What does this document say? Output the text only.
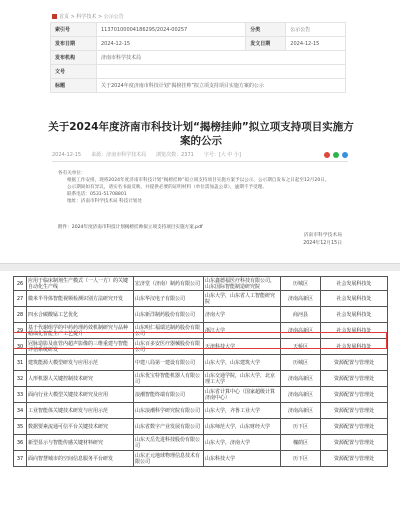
首页 > 科学技术 > 公示公告
索引号	11370100004186295/2024-00257	分类	公示公告
发布日期	2024-12-15	发文日期	2024-12-15
发布机构	济南市科学技术局		
文号			
标题	关于2024年度济南市科技计划“揭榜挂帅”拟立项支持项目实施方案的公示		
关于2024年度济南市科技计划“揭榜挂帅”拟立项支持项目实施方案的公示
2024-12-15 来源：济南市科学技术局 浏览次数：2371 字号：[大 中 小]

各有关单位：

根据工作安排，现将2024年度济南市科技计划“揭榜挂帅”拟立项支持项目实施方案予以公示，公示期自发布之日起至12月20日。

公示期间如有异议，请实名书面反映，并提供必要的证明材料（单位需加盖公章），逾期不予受理。

联系电话：0531-51708801

地址：济南市科学技术局 科技计划处

附件：2024年度济南市科技计划揭榜挂帅拟立项支持项目实施方案.pdf
济南市科学技术局
2024年12月15日
26	应用于临床制剂生产模式（一人一方）的关键自动化生产线	宏济堂（济南）制药有限公司	山东鑫德福医疗科技有限公司，山东国际智能制造研究院	历城区	社会发展科技处
27	微米半导体智能视频检测识别方法研究开发	山东华汉电子有限公司	山东大学，山东省人工智能研究院	济南高新区	社会发展科技处
28	四水合碳酸锰工艺优化	山东新洋制药股份有限公司	济南大学	商河县	社会发展科技处
29	基于代谢组学的中药药理药效机制研究与品种精细化智能生产工艺提升	山东明仁福瑞达制药股份有限公司	浙江大学	济南高新区	社会发展科技处
30	冠脉造影及血管内超声影像的三维重建与智能评估系统研发	山东百多安医疗器械股份有限公司	天津科技大学	天桥区	社会发展科技处
31	建筑能源大模型研发与应用示范	中建八局第一建设有限公司	山东大学，山东建筑大学	历城区	资源配置与管理处
32	人形机器人关键控制技术研究	山东优宝特智能机器人有限公司	山东交通学院，山东大学，北京理工大学	济南高新区	资源配置与管理处
33	面向行业大模型关键技术研究及应用	浪潮智能终端有限公司	山东省计算中心（国家超级计算济南中心）	济南高新区	资源配置与管理处
34	工业智能体关键技术研发与应用示范	山东浪潮科学研究院有限公司	山东大学，齐鲁工业大学	济南高新区	资源配置与管理处
35	数据要素流通可信平台关键技术研究	山东省数字产业发展有限公司	山东师范大学，山东财经大学	历下区	资源配置与管理处
36	新型显示与智能传感关键材料研究	山东天岳先进科技股份有限公司	山东大学，济南大学	槐荫区	资源配置与管理处
37	面向智慧城市的空间信息服务平台研发	山东正元地球物理信息技术有限公司	山东科技大学	历下区	资源配置与管理处
